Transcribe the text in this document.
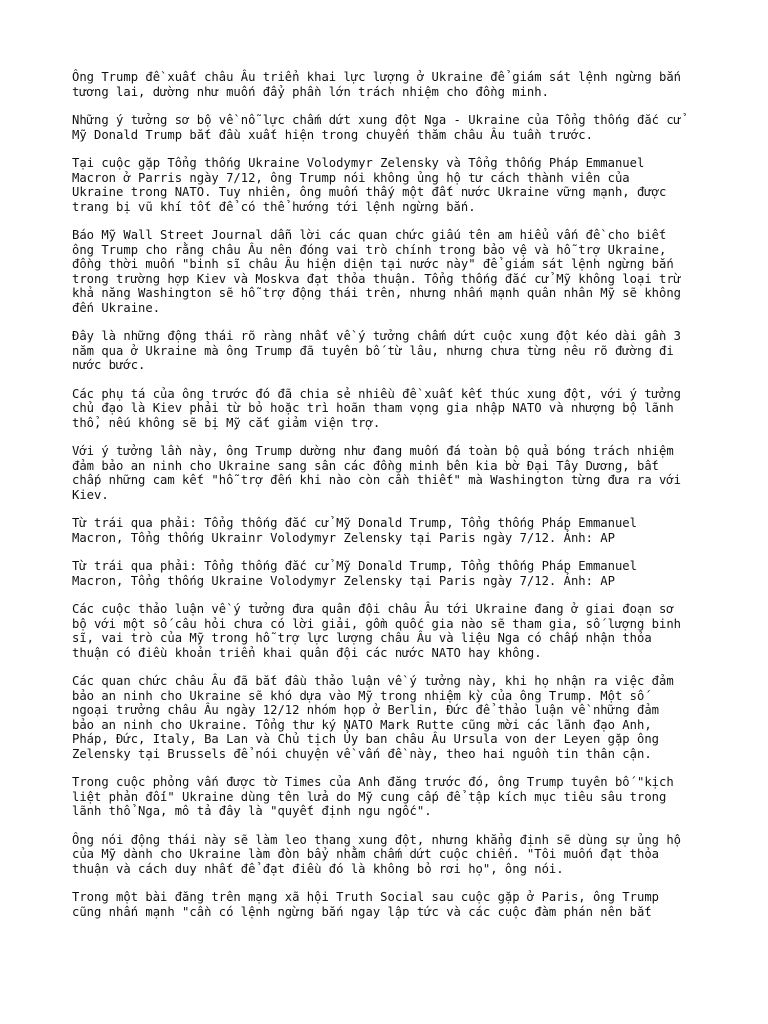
Ông Trump đề xuất châu Âu triển khai lực lượng ở Ukraine để giám sát lệnh ngừng bắn
tương lai, dường như muốn đẩy phần lớn trách nhiệm cho đồng minh.

Những ý tưởng sơ bộ về nỗ lực chấm dứt xung đột Nga - Ukraine của Tổng thống đắc cử
Mỹ Donald Trump bắt đầu xuất hiện trong chuyến thăm châu Âu tuần trước.

Tại cuộc gặp Tổng thống Ukraine Volodymyr Zelensky và Tổng thống Pháp Emmanuel
Macron ở Parris ngày 7/12, ông Trump nói không ủng hộ tư cách thành viên của
Ukraine trong NATO. Tuy nhiên, ông muốn thấy một đất nước Ukraine vững mạnh, được
trang bị vũ khí tốt để có thể hướng tới lệnh ngừng bắn.

Báo Mỹ Wall Street Journal dẫn lời các quan chức giấu tên am hiểu vấn đề cho biết
ông Trump cho rằng châu Âu nên đóng vai trò chính trong bảo vệ và hỗ trợ Ukraine,
đồng thời muốn "binh sĩ châu Âu hiện diện tại nước này" để giám sát lệnh ngừng bắn
trong trường hợp Kiev và Moskva đạt thỏa thuận. Tổng thống đắc cử Mỹ không loại trừ
khả năng Washington sẽ hỗ trợ động thái trên, nhưng nhấn mạnh quân nhân Mỹ sẽ không
đến Ukraine.

Đây là những động thái rõ ràng nhất về ý tưởng chấm dứt cuộc xung đột kéo dài gần 3
năm qua ở Ukraine mà ông Trump đã tuyên bố từ lâu, nhưng chưa từng nêu rõ đường đi
nước bước.

Các phụ tá của ông trước đó đã chia sẻ nhiều đề xuất kết thúc xung đột, với ý tưởng
chủ đạo là Kiev phải từ bỏ hoặc trì hoãn tham vọng gia nhập NATO và nhượng bộ lãnh
thổ, nếu không sẽ bị Mỹ cắt giảm viện trợ.

Với ý tưởng lần này, ông Trump dường như đang muốn đá toàn bộ quả bóng trách nhiệm
đảm bảo an ninh cho Ukraine sang sân các đồng minh bên kia bờ Đại Tây Dương, bất
chấp những cam kết "hỗ trợ đến khi nào còn cần thiết" mà Washington từng đưa ra với
Kiev.

Từ trái qua phải: Tổng thống đắc cử Mỹ Donald Trump, Tổng thống Pháp Emmanuel
Macron, Tổng thống Ukrainr Volodymyr Zelensky tại Paris ngày 7/12. Ảnh: AP

Từ trái qua phải: Tổng thống đắc cử Mỹ Donald Trump, Tổng thống Pháp Emmanuel
Macron, Tổng thống Ukraine Volodymyr Zelensky tại Paris ngày 7/12. Ảnh: AP

Các cuộc thảo luận về ý tưởng đưa quân đội châu Âu tới Ukraine đang ở giai đoạn sơ
bộ với một số câu hỏi chưa có lời giải, gồm quốc gia nào sẽ tham gia, số lượng binh
sĩ, vai trò của Mỹ trong hỗ trợ lực lượng châu Âu và liệu Nga có chấp nhận thỏa
thuận có điều khoản triển khai quân đội các nước NATO hay không.

Các quan chức châu Âu đã bắt đầu thảo luận về ý tưởng này, khi họ nhận ra việc đảm
bảo an ninh cho Ukraine sẽ khó dựa vào Mỹ trong nhiệm kỳ của ông Trump. Một số
ngoại trưởng châu Âu ngày 12/12 nhóm họp ở Berlin, Đức để thảo luận về những đảm
bảo an ninh cho Ukraine. Tổng thư ký NATO Mark Rutte cũng mời các lãnh đạo Anh,
Pháp, Đức, Italy, Ba Lan và Chủ tịch Ủy ban châu Âu Ursula von der Leyen gặp ông
Zelensky tại Brussels để nói chuyện về vấn đề này, theo hai nguồn tin thân cận.

Trong cuộc phỏng vấn được tờ Times của Anh đăng trước đó, ông Trump tuyên bố "kịch
liệt phản đối" Ukraine dùng tên lửa do Mỹ cung cấp để tập kích mục tiêu sâu trong
lãnh thổ Nga, mô tả đây là "quyết định ngu ngốc".

Ông nói động thái này sẽ làm leo thang xung đột, nhưng khẳng định sẽ dùng sự ủng hộ
của Mỹ dành cho Ukraine làm đòn bẩy nhằm chấm dứt cuộc chiến. "Tôi muốn đạt thỏa
thuận và cách duy nhất để đạt điều đó là không bỏ rơi họ", ông nói.

Trong một bài đăng trên mạng xã hội Truth Social sau cuộc gặp ở Paris, ông Trump
cũng nhấn mạnh "cần có lệnh ngừng bắn ngay lập tức và các cuộc đàm phán nên bắt
